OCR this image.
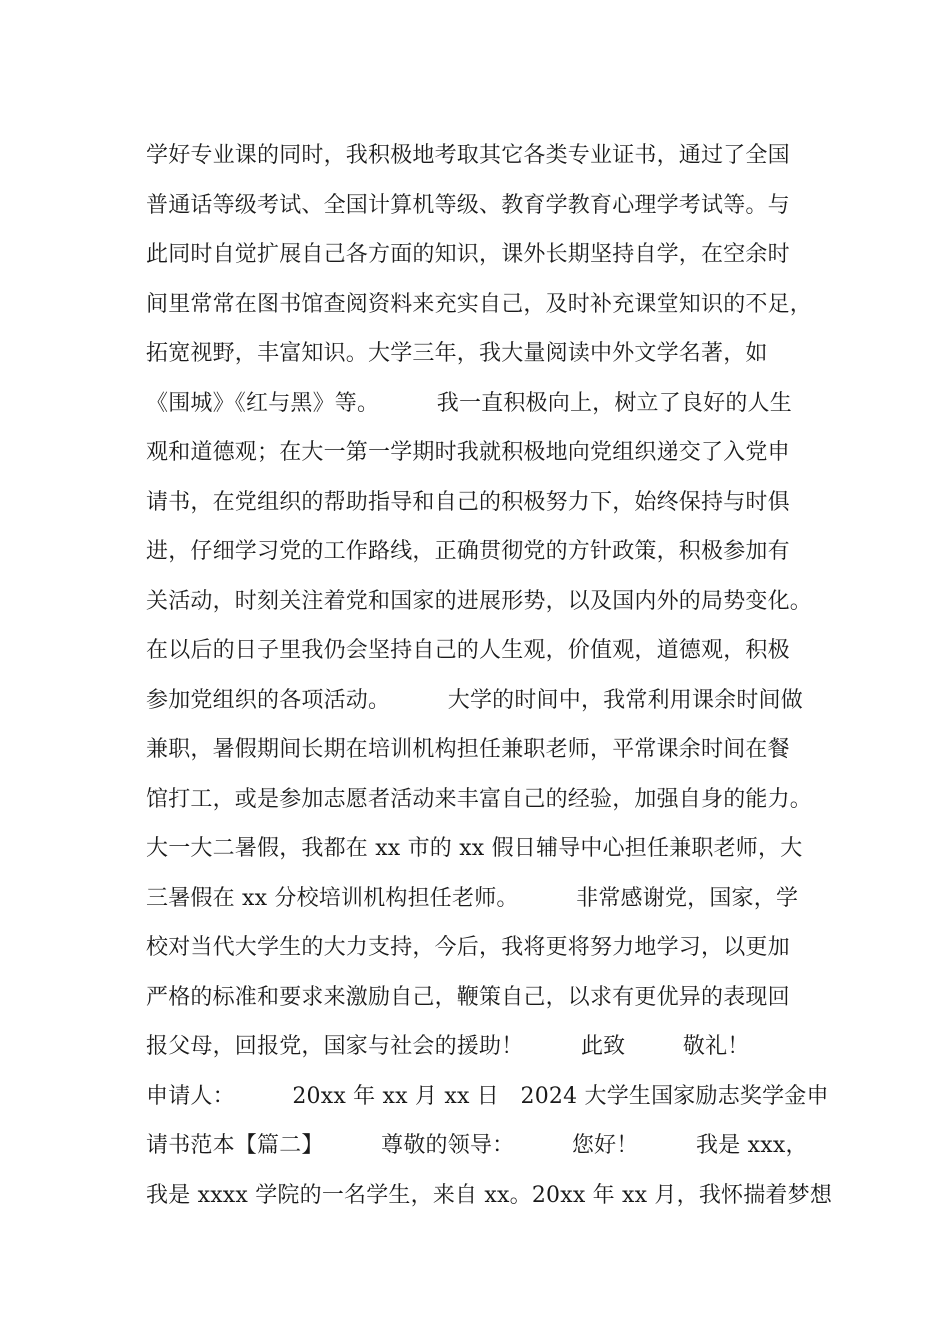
学好专业课的同时，我积极地考取其它各类专业证书，通过了全国
普通话等级考试、全国计算机等级、教育学教育心理学考试等。与
此同时自觉扩展自己各方面的知识，课外长期坚持自学，在空余时
间里常常在图书馆查阅资料来充实自己，及时补充课堂知识的不足，
拓宽视野，丰富知识。大学三年，我大量阅读中外文学名著，如
《围城》《红与黑》等。        我一直积极向上，树立了良好的人生
观和道德观；在大一第一学期时我就积极地向党组织递交了入党申
请书，在党组织的帮助指导和自己的积极努力下，始终保持与时俱
进，仔细学习党的工作路线，正确贯彻党的方针政策，积极参加有
关活动，时刻关注着党和国家的进展形势，以及国内外的局势变化。
在以后的日子里我仍会坚持自己的人生观，价值观，道德观，积极
参加党组织的各项活动。        大学的时间中，我常利用课余时间做
兼职，暑假期间长期在培训机构担任兼职老师，平常课余时间在餐
馆打工，或是参加志愿者活动来丰富自己的经验，加强自身的能力。
大一大二暑假，我都在 xx 市的 xx 假日辅导中心担任兼职老师，大
三暑假在 xx 分校培训机构担任老师。        非常感谢党，国家，学
校对当代大学生的大力支持，今后，我将更将努力地学习，以更加
严格的标准和要求来激励自己，鞭策自己，以求有更优异的表现回
报父母，回报党，国家与社会的援助！        此致        敬礼！
申请人：        20xx 年 xx 月 xx 日   2024 大学生国家励志奖学金申
请书范本【篇二】        尊敬的领导：        您好！        我是 xxx，
我是 xxxx 学院的一名学生，来自 xx。20xx 年 xx 月，我怀揣着梦想
